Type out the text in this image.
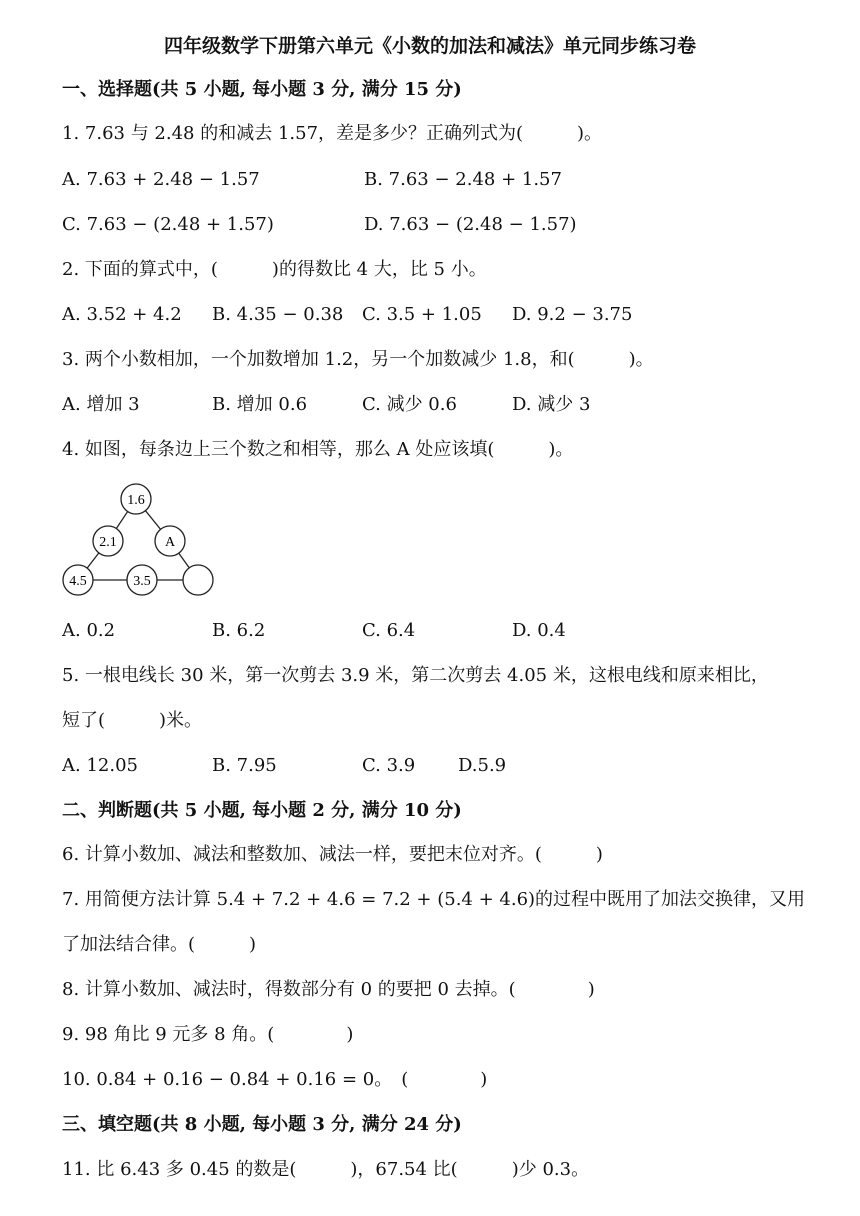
四年级数学下册第六单元《小数的加法和减法》单元同步练习卷
一、选择题(共 5 小题, 每小题 3 分, 满分 15 分)
1. 7.63 与 2.48 的和减去 1.57，差是多少？正确列式为(　　　)。
A. 7.63 + 2.48 − 1.57	B. 7.63 − 2.48 + 1.57
C. 7.63 − (2.48 + 1.57)	D. 7.63 − (2.48 − 1.57)
2. 下面的算式中，(　　　)的得数比 4 大，比 5 小。
A. 3.52 + 4.2 B. 4.35 − 0.38 C. 3.5 + 1.05 D. 9.2 − 3.75
3. 两个小数相加，一个加数增加 1.2，另一个加数减少 1.8，和(　　　)。
A. 增加 3	B. 增加 0.6	C. 减少 0.6	D. 减少 3
4. 如图，每条边上三个数之和相等，那么 A 处应该填(　　　)。
1.6
2.1	A
4.5	3.5
A. 0.2	B. 6.2	C. 6.4	D. 0.4
5. 一根电线长 30 米，第一次剪去 3.9 米，第二次剪去 4.05 米，这根电线和原来相比，
短了(　　　)米。
A. 12.05	B. 7.95	C. 3.9 D.5.9
二、判断题(共 5 小题, 每小题 2 分, 满分 10 分)
6. 计算小数加、减法和整数加、减法一样，要把末位对齐。(　　　)
7. 用简便方法计算 5.4 + 7.2 + 4.6 = 7.2 + (5.4 + 4.6)的过程中既用了加法交换律，又用
了加法结合律。(　　　)
8. 计算小数加、减法时，得数部分有 0 的要把 0 去掉。(　　　　)
9. 98 角比 9 元多 8 角。(　　　　)
10. 0.84 + 0.16 − 0.84 + 0.16 = 0。　(　　　　)
三、填空题(共 8 小题, 每小题 3 分, 满分 24 分)
11. 比 6.43 多 0.45 的数是(　　　)，67.54 比(　　　)少 0.3。
